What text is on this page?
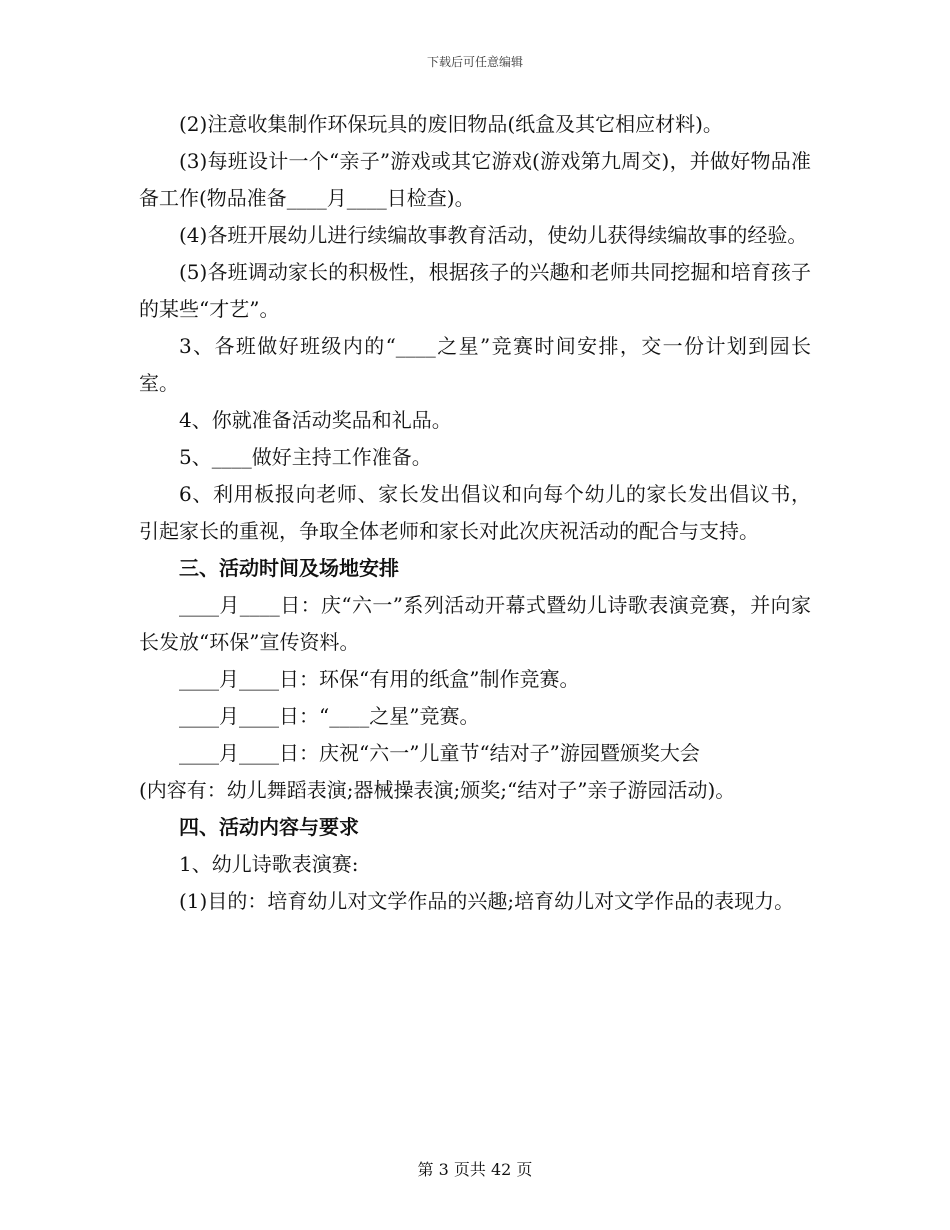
下载后可任意编辑

(2)注意收集制作环保玩具的废旧物品(纸盒及其它相应材料)。

(3)每班设计一个“亲子”游戏或其它游戏(游戏第九周交)，并做好物品准备工作(物品准备____月____日检查)。

(4)各班开展幼儿进行续编故事教育活动，使幼儿获得续编故事的经验。

(5)各班调动家长的积极性，根据孩子的兴趣和老师共同挖掘和培育孩子的某些“才艺”。

3、各班做好班级内的“____之星”竞赛时间安排，交一份计划到园长室。

4、你就准备活动奖品和礼品。

5、____做好主持工作准备。

6、利用板报向老师、家长发出倡议和向每个幼儿的家长发出倡议书，引起家长的重视，争取全体老师和家长对此次庆祝活动的配合与支持。

三、活动时间及场地安排

____月____日：庆“六一”系列活动开幕式暨幼儿诗歌表演竞赛，并向家长发放“环保”宣传资料。

____月____日：环保“有用的纸盒”制作竞赛。

____月____日：“____之星”竞赛。

____月____日：庆祝“六一”儿童节“结对子”游园暨颁奖大会

(内容有：幼儿舞蹈表演;器械操表演;颁奖;“结对子”亲子游园活动)。

四、活动内容与要求

1、幼儿诗歌表演赛:

(1)目的：培育幼儿对文学作品的兴趣;培育幼儿对文学作品的表现力。

第 3 页共 42 页
